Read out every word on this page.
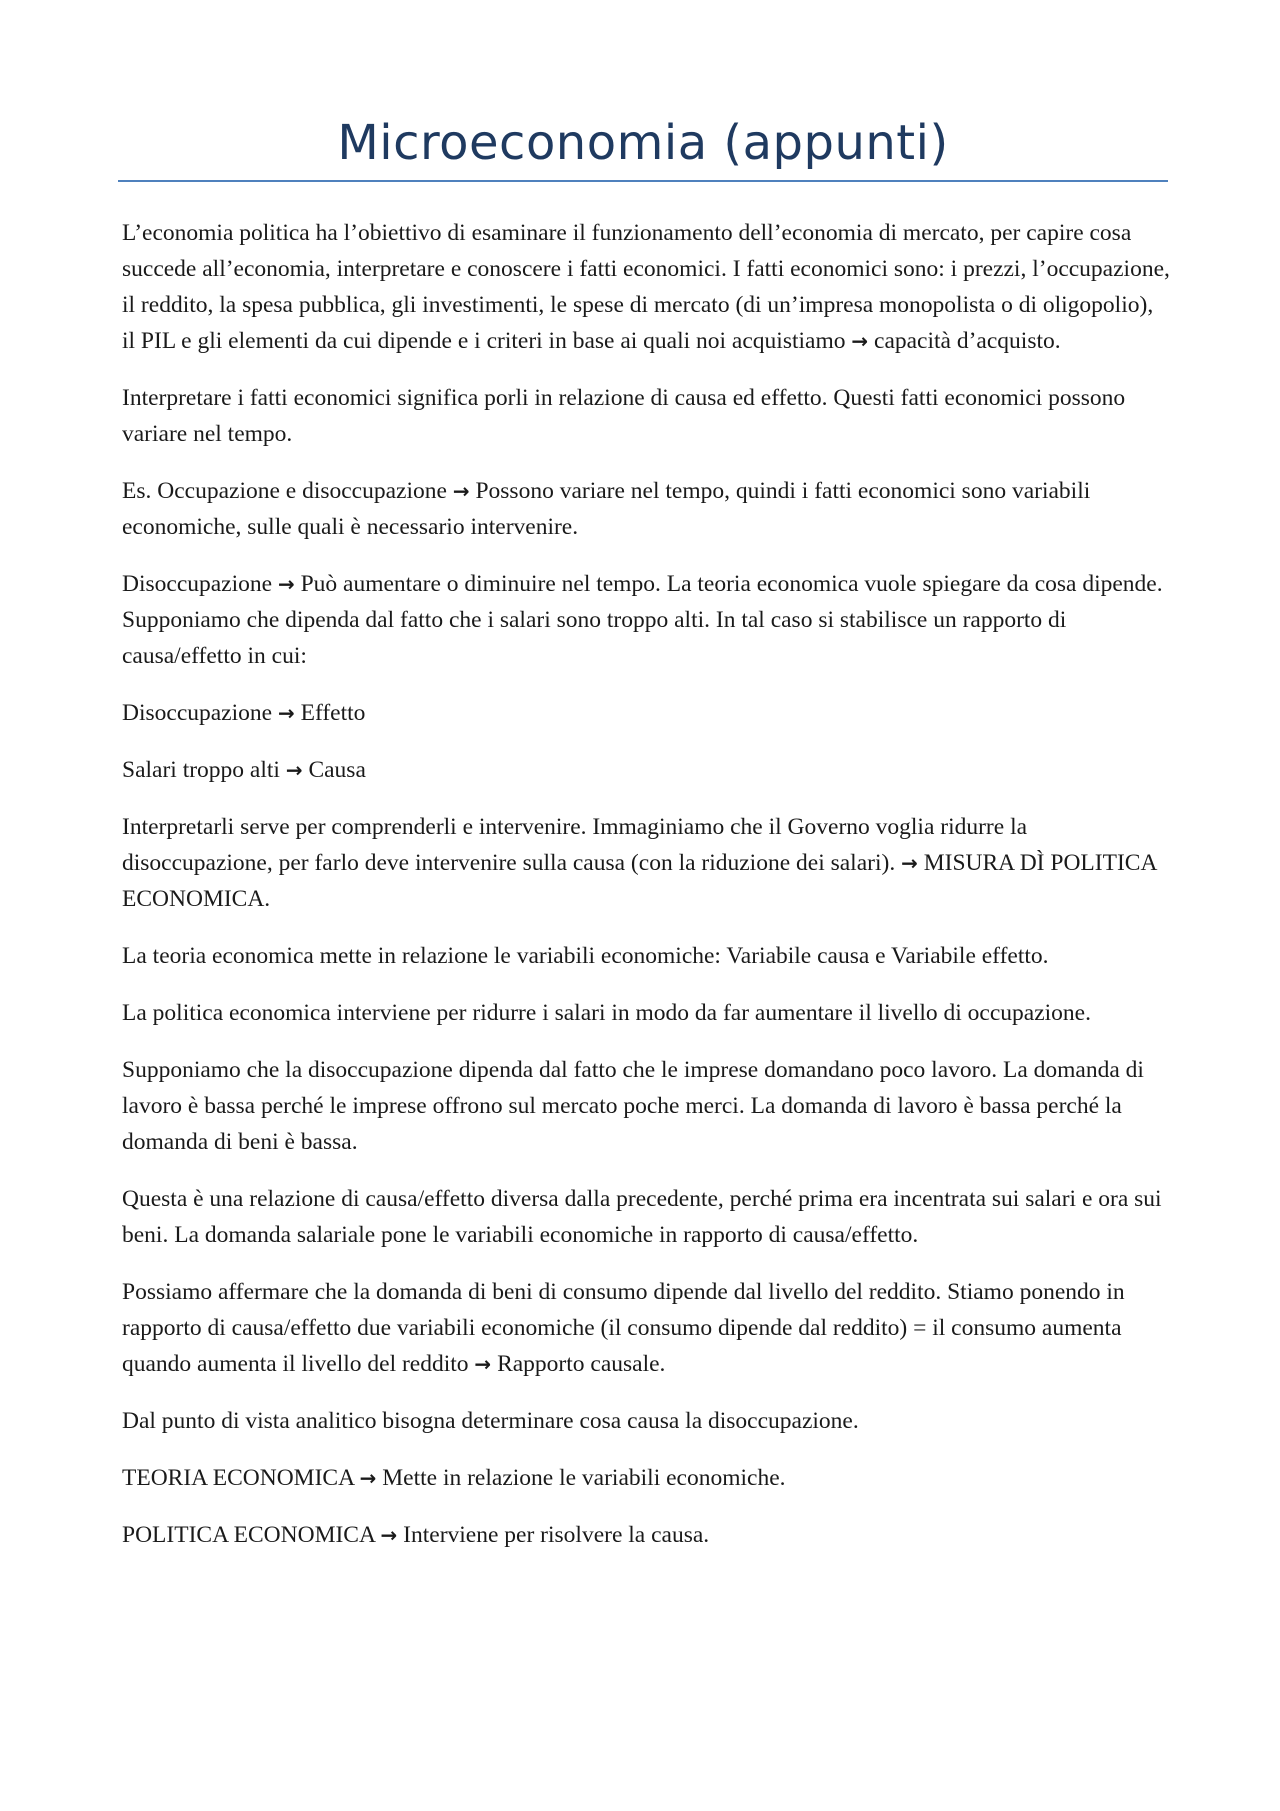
Microeconomia (appunti)

L’economia politica ha l’obiettivo di esaminare il funzionamento dell’economia di mercato, per capire cosa succede all’economia, interpretare e conoscere i fatti economici. I fatti economici sono: i prezzi, l’occupazione, il reddito, la spesa pubblica, gli investimenti, le spese di mercato (di un’impresa monopolista o di oligopolio), il PIL e gli elementi da cui dipende e i criteri in base ai quali noi acquistiamo → capacità d’acquisto.

Interpretare i fatti economici significa porli in relazione di causa ed effetto. Questi fatti economici possono variare nel tempo.

Es. Occupazione e disoccupazione → Possono variare nel tempo, quindi i fatti economici sono variabili economiche, sulle quali è necessario intervenire.

Disoccupazione → Può aumentare o diminuire nel tempo. La teoria economica vuole spiegare da cosa dipende. Supponiamo che dipenda dal fatto che i salari sono troppo alti. In tal caso si stabilisce un rapporto di causa/effetto in cui:

Disoccupazione → Effetto

Salari troppo alti → Causa

Interpretarli serve per comprenderli e intervenire. Immaginiamo che il Governo voglia ridurre la disoccupazione, per farlo deve intervenire sulla causa (con la riduzione dei salari). → MISURA DÌ POLITICA ECONOMICA.

La teoria economica mette in relazione le variabili economiche: Variabile causa e Variabile effetto.

La politica economica interviene per ridurre i salari in modo da far aumentare il livello di occupazione.

Supponiamo che la disoccupazione dipenda dal fatto che le imprese domandano poco lavoro. La domanda di lavoro è bassa perché le imprese offrono sul mercato poche merci. La domanda di lavoro è bassa perché la domanda di beni è bassa.

Questa è una relazione di causa/effetto diversa dalla precedente, perché prima era incentrata sui salari e ora sui beni. La domanda salariale pone le variabili economiche in rapporto di causa/effetto.

Possiamo affermare che la domanda di beni di consumo dipende dal livello del reddito. Stiamo ponendo in rapporto di causa/effetto due variabili economiche (il consumo dipende dal reddito) = il consumo aumenta quando aumenta il livello del reddito → Rapporto causale.

Dal punto di vista analitico bisogna determinare cosa causa la disoccupazione.

TEORIA ECONOMICA → Mette in relazione le variabili economiche.

POLITICA ECONOMICA → Interviene per risolvere la causa.
